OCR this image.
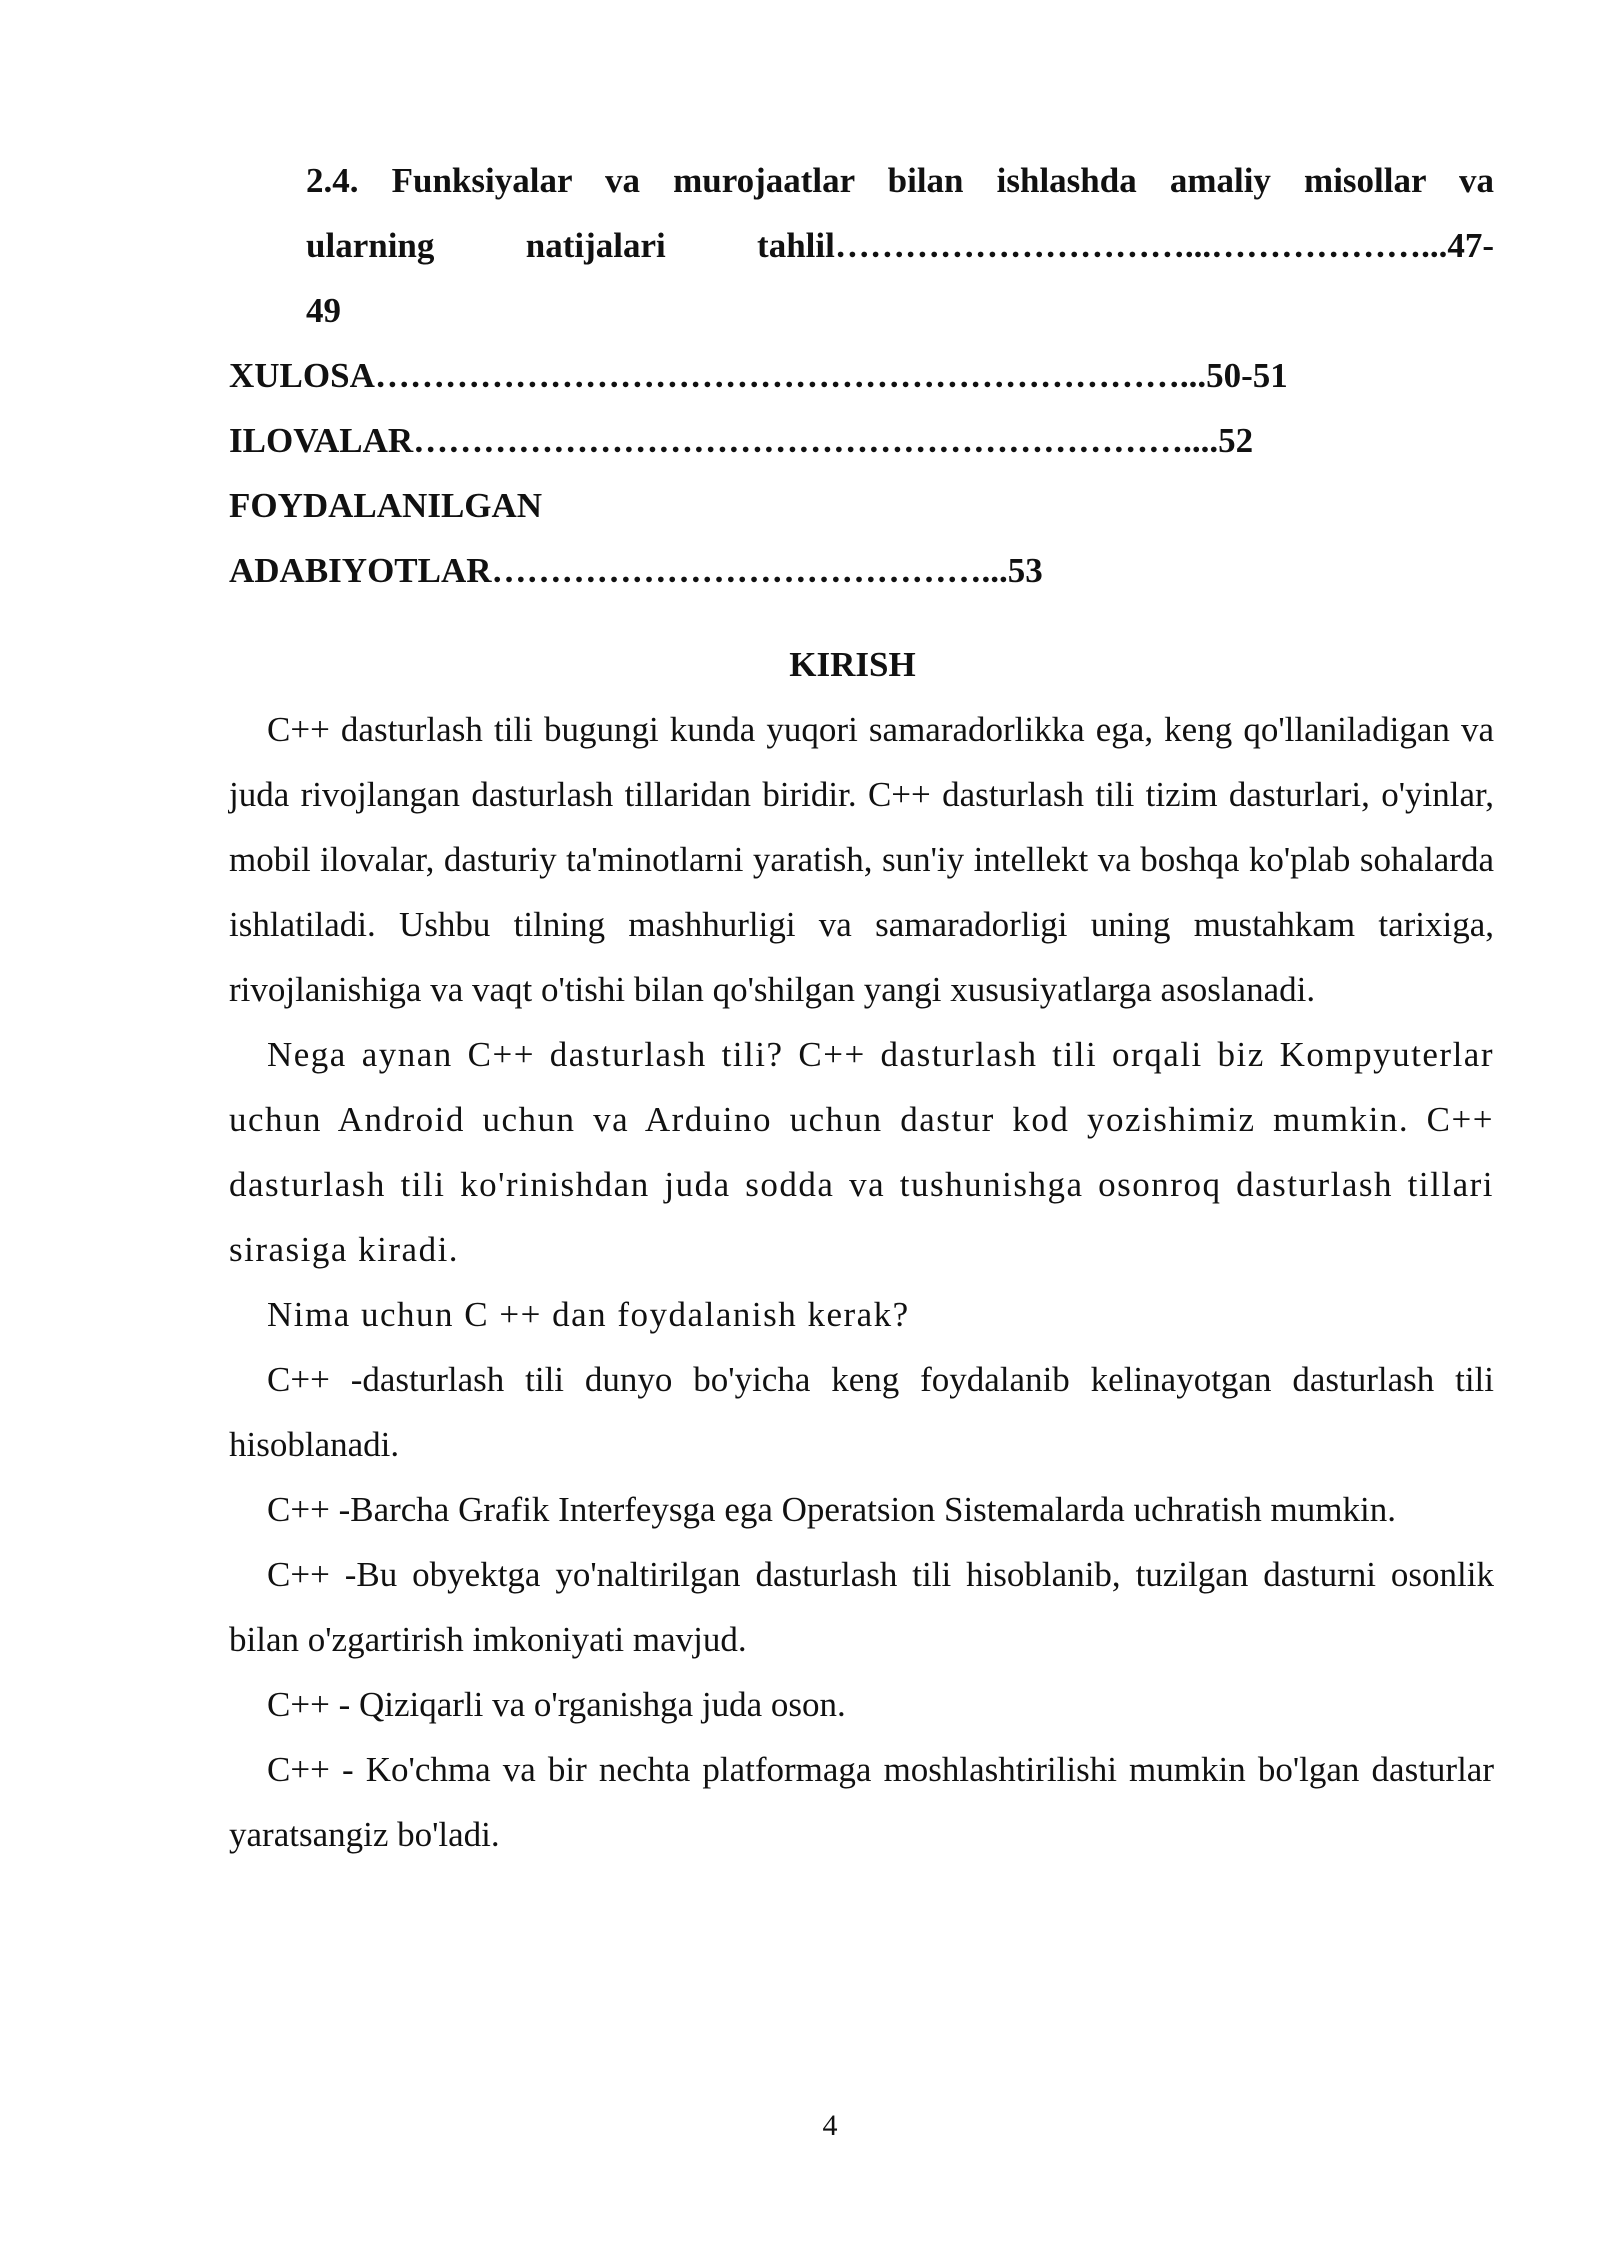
2.4. Funksiyalar va murojaatlar bilan ishlashda amaliy misollar va
ularning natijalari tahlil…………………………...………………...47-
49
XULOSA……………………………………………………………...50-51
ILOVALAR…………………………………………………………....52
FOYDALANILGAN
ADABIYOTLAR……………………………………...53
KIRISH

C++ dasturlash tili bugungi kunda yuqori samaradorlikka ega, keng qo'llaniladigan va juda rivojlangan dasturlash tillaridan biridir. C++ dasturlash tili tizim dasturlari, o'yinlar, mobil ilovalar, dasturiy ta'minotlarni yaratish, sun'iy intellekt va boshqa ko'plab sohalarda ishlatiladi. Ushbu tilning mashhurligi va samaradorligi uning mustahkam tarixiga, rivojlanishiga va vaqt o'tishi bilan qo'shilgan yangi xususiyatlarga asoslanadi.

Nega aynan C++ dasturlash tili? C++ dasturlash tili orqali biz Kompyuterlar uchun Android uchun va Arduino uchun dastur kod yozishimiz mumkin. C++ dasturlash tili ko'rinishdan juda sodda va tushunishga osonroq dasturlash tillari sirasiga kiradi.

Nima uchun C ++ dan foydalanish kerak?

C++ -dasturlash tili dunyo bo'yicha keng foydalanib kelinayotgan dasturlash tili hisoblanadi.

C++ -Barcha Grafik Interfeysga ega Operatsion Sistemalarda uchratish mumkin.

C++ -Bu obyektga yo'naltirilgan dasturlash tili hisoblanib, tuzilgan dasturni osonlik bilan o'zgartirish imkoniyati mavjud.

C++ - Qiziqarli va o'rganishga juda oson.

C++ - Ko'chma va bir nechta platformaga moshlashtirilishi mumkin bo'lgan dasturlar yaratsangiz bo'ladi.

4
